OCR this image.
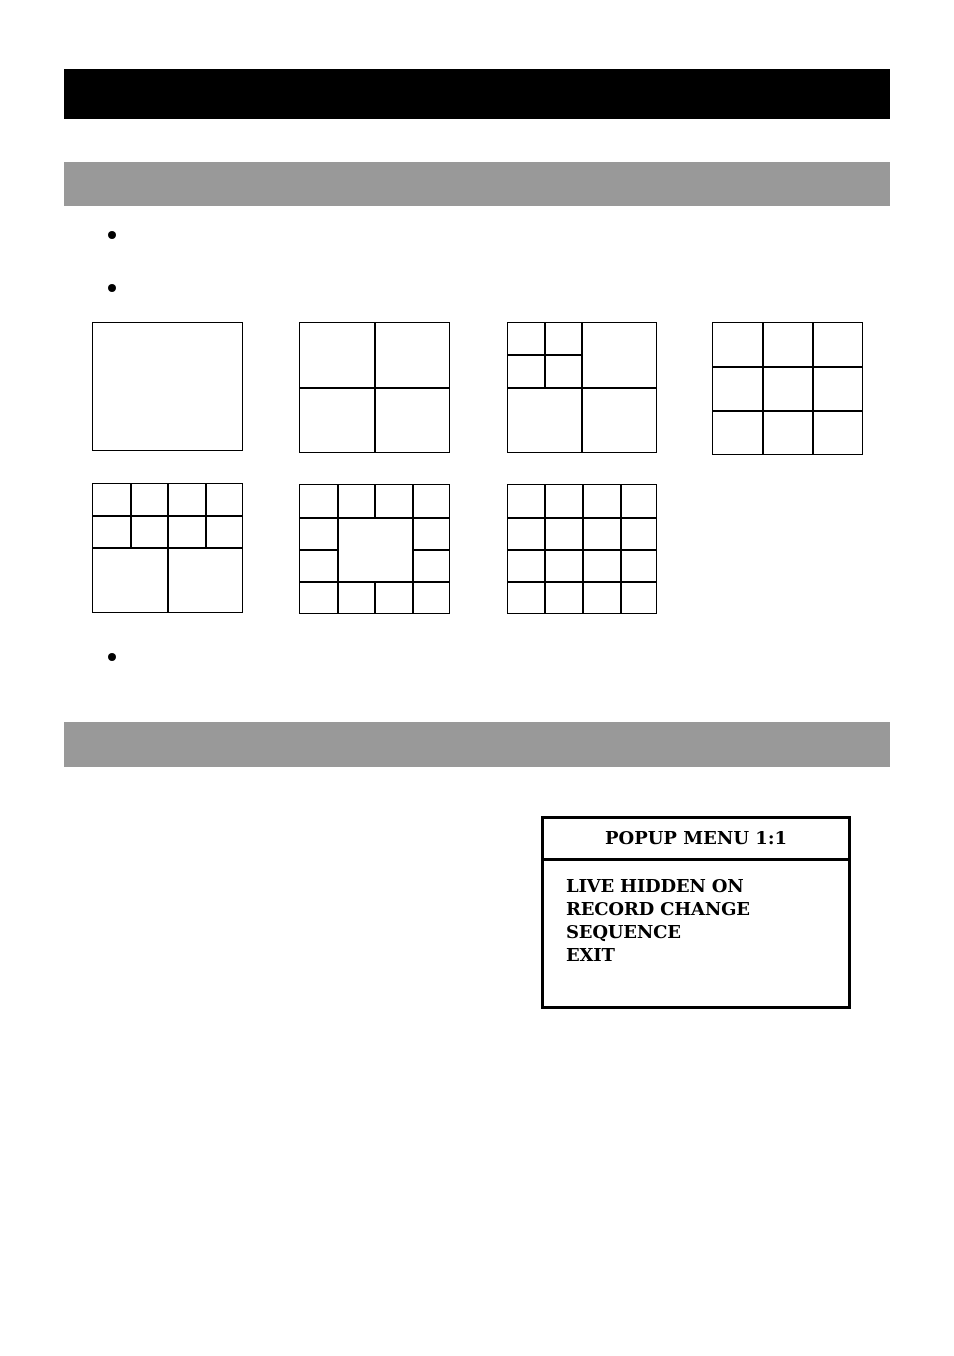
POPUP MENU 1:1
LIVE HIDDEN ON
RECORD CHANGE
SEQUENCE
EXIT
